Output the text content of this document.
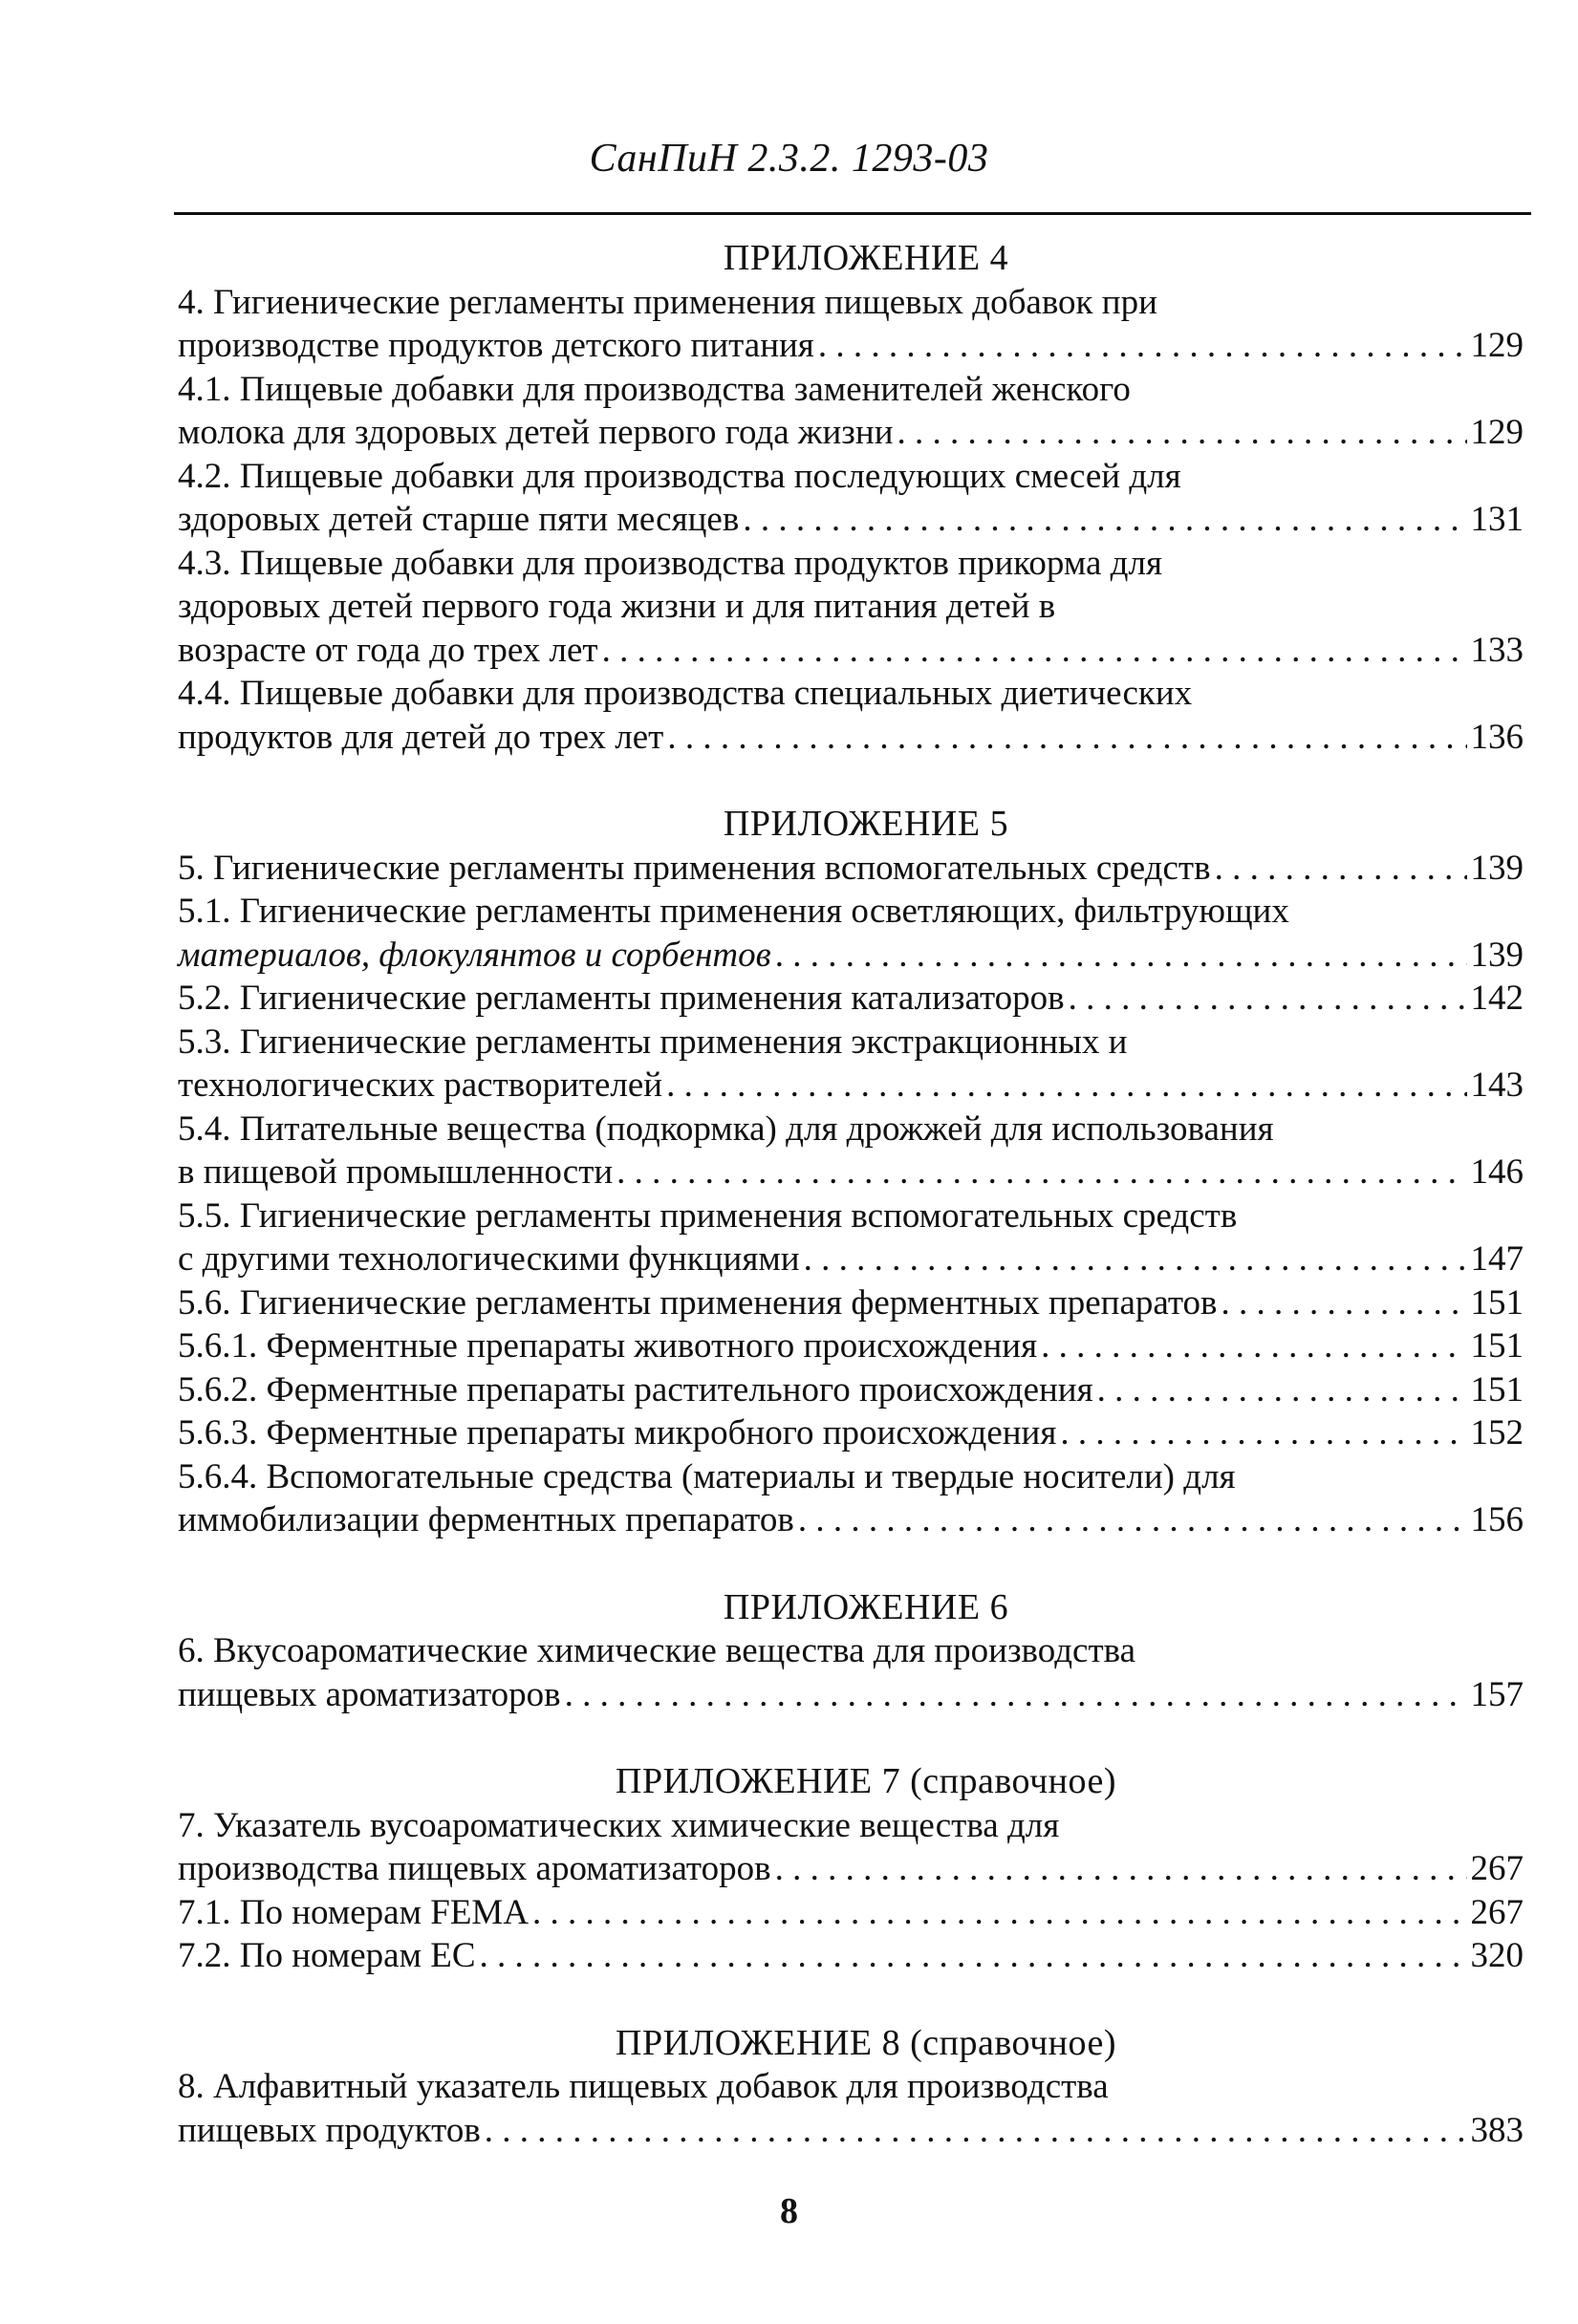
СанПиН 2.3.2. 1293-03
ПРИЛОЖЕНИЕ 4
4. Гигиенические регламенты применения пищевых добавок при
производстве продуктов детского питания . . .	129
4.1. Пищевые добавки для производства заменителей женского
молока для здоровых детей первого года жизни . . .	129
4.2. Пищевые добавки для производства последующих смесей для
здоровых детей старше пяти месяцев . . .	131
4.3. Пищевые добавки для производства продуктов прикорма для
здоровых детей первого года жизни и для питания детей в
возрасте от года до трех лет . . .	133
4.4. Пищевые добавки для производства специальных диетических
продуктов для детей до трех лет . . .	136
ПРИЛОЖЕНИЕ 5
5. Гигиенические регламенты применения вспомогательных средств . . .	139
5.1. Гигиенические регламенты применения осветляющих, фильтрующих
материалов, флокулянтов и сорбентов . . .	139
5.2. Гигиенические регламенты применения катализаторов . . .	142
5.3. Гигиенические регламенты применения экстракционных и
технологических растворителей . . .	143
5.4. Питательные вещества (подкормка) для дрожжей для использования
в пищевой промышленности . . .	146
5.5. Гигиенические регламенты применения вспомогательных средств
с другими технологическими функциями . . .	147
5.6. Гигиенические регламенты применения ферментных препаратов . . .	151
5.6.1. Ферментные препараты животного происхождения . . .	151
5.6.2. Ферментные препараты растительного происхождения . . .	151
5.6.3. Ферментные препараты микробного происхождения . . .	152
5.6.4. Вспомогательные средства (материалы и твердые носители) для
иммобилизации ферментных препаратов . . .	156
ПРИЛОЖЕНИЕ 6
6. Вкусоароматические химические вещества для производства
пищевых ароматизаторов . . .	157
ПРИЛОЖЕНИЕ 7 (справочное)
7. Указатель вусоароматических химические вещества для
производства пищевых ароматизаторов . . .	267
7.1. По номерам FEMA . . .	267
7.2. По номерам ЕС . . .	320
ПРИЛОЖЕНИЕ 8 (справочное)
8. Алфавитный указатель пищевых добавок для производства
пищевых продуктов . . .	383
8
